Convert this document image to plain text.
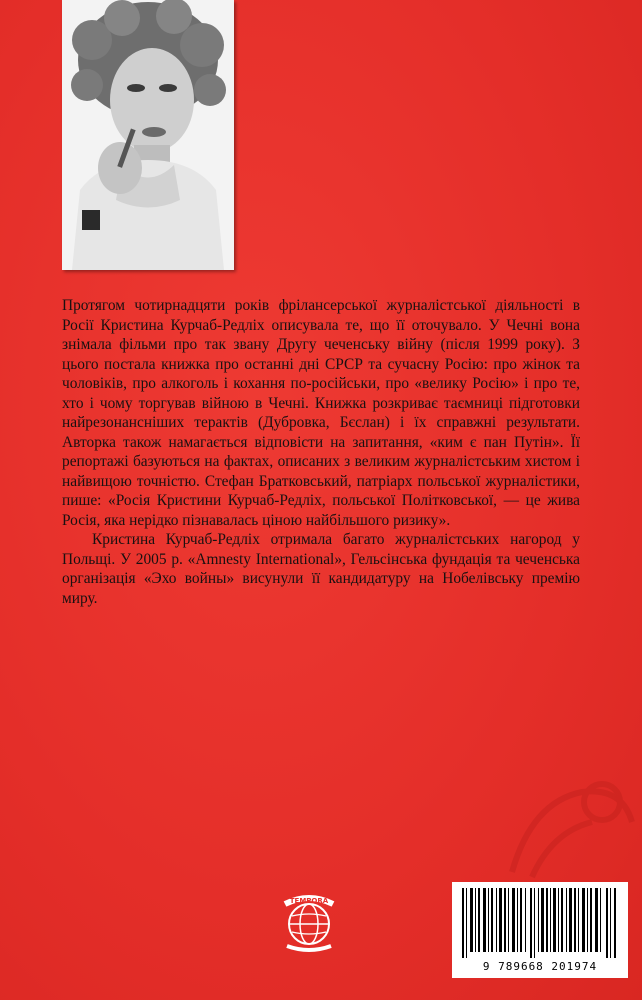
Протягом чотирнадцяти років фріланcерської журналістської діяльності в Росії Кристина Курчаб-Редліх описувала те, що її оточувало. У Чечні вона знімала фільми про так звану Другу чеченську війну (після 1999 року). З цього постала книжка про останні дні СРСР та сучасну Росію: про жінок та чоловіків, про алкоголь і кохання по-російськи, про «велику Росію» і про те, хто і чому торгував війною в Чечні. Книжка розкриває таємниці підготовки найрезонанснiших терактів (Дубровка, Бєслан) і їх справжні результати. Авторка також намагається відповісти на запитання, «ким є пан Путін». Її репортажі базуються на фактах, описаних з великим журналістським хистом і найвищою точністю. Стефан Братковський, патріарх польської журналістики, пише: «Росія Кристини Курчаб-Редліх, польської Політковської, — це жива Росія, яка нерідко пізнавалась ціною найбільшого ризику».

Кристина Курчаб-Редліх отримала багато журналістських нагород у Польщі. У 2005 р. «Amnesty International», Гельсінська фундація та чеченська організація «Эхо войны» висунули її кандидатуру на Нобелівську премію миру.

TEMPORA
9 789668 201974
